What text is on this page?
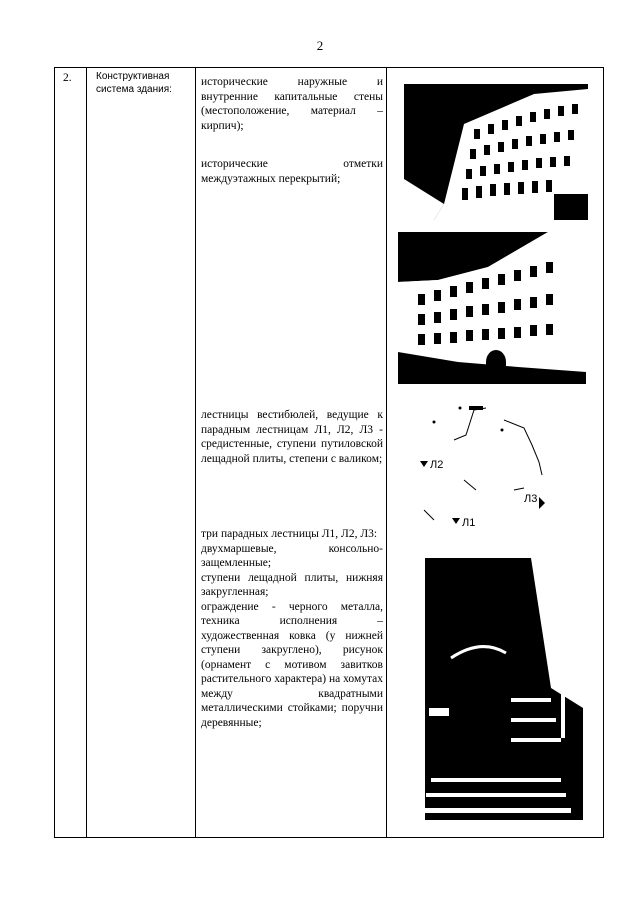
2
2. Конструктивная система здания:
исторические наружные и внутренние капитальные стены (местоположение, материал – кирпич);
исторические отметки междуэтажных перекрытий;
лестницы вестибюлей, ведущие к парадным лестницам Л1, Л2, Л3 - средистенные, ступени путиловской лещадной плиты, степени с валиком;
три парадных лестницы Л1, Л2, Л3:
двухмаршевые, консольно-защемленные;
ступени лещадной плиты, нижняя закругленная;
ограждение - черного металла, техника исполнения – художественная ковка (у нижней ступени закруглено), рисунок (орнамент с мотивом завитков растительного характера) на хомутах между квадратными металлическими стойками; поручни деревянные;
Л2
Л3
Л1
